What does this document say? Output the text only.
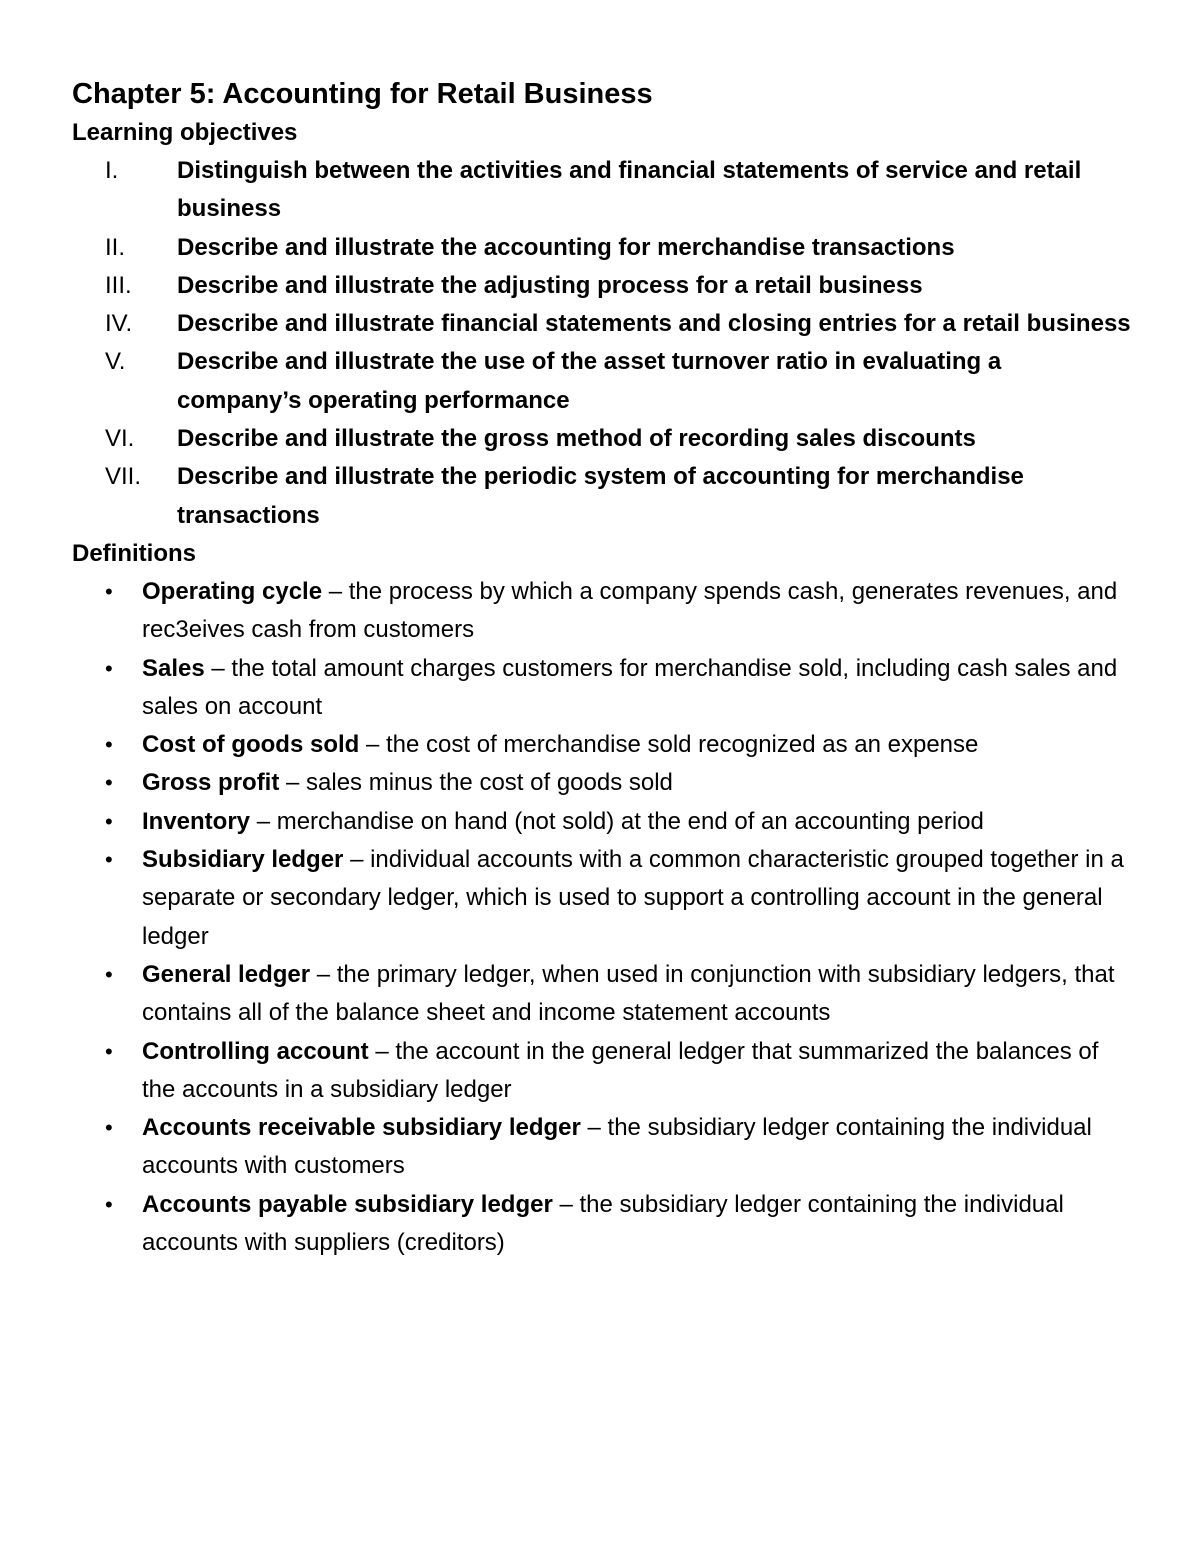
Chapter 5: Accounting for Retail Business
Learning objectives
I. Distinguish between the activities and financial statements of service and retail business
II. Describe and illustrate the accounting for merchandise transactions
III. Describe and illustrate the adjusting process for a retail business
IV. Describe and illustrate financial statements and closing entries for a retail business
V. Describe and illustrate the use of the asset turnover ratio in evaluating a company’s operating performance
VI. Describe and illustrate the gross method of recording sales discounts
VII. Describe and illustrate the periodic system of accounting for merchandise transactions
Definitions
• Operating cycle – the process by which a company spends cash, generates revenues, and rec3eives cash from customers
• Sales – the total amount charges customers for merchandise sold, including cash sales and sales on account
• Cost of goods sold – the cost of merchandise sold recognized as an expense
• Gross profit – sales minus the cost of goods sold
• Inventory – merchandise on hand (not sold) at the end of an accounting period
• Subsidiary ledger – individual accounts with a common characteristic grouped together in a separate or secondary ledger, which is used to support a controlling account in the general ledger
• General ledger – the primary ledger, when used in conjunction with subsidiary ledgers, that contains all of the balance sheet and income statement accounts
• Controlling account – the account in the general ledger that summarized the balances of the accounts in a subsidiary ledger
• Accounts receivable subsidiary ledger – the subsidiary ledger containing the individual accounts with customers
• Accounts payable subsidiary ledger – the subsidiary ledger containing the individual accounts with suppliers (creditors)
